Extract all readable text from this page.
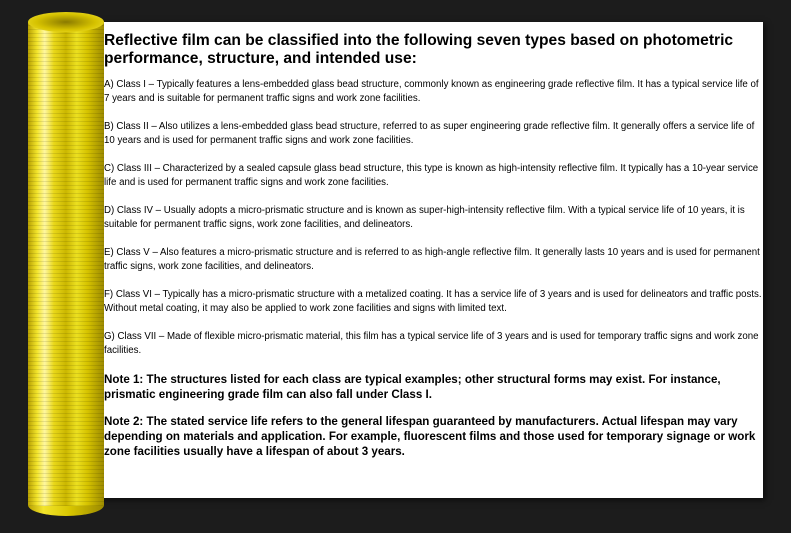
Reflective film can be classified into the following seven types based on photometric performance, structure, and intended use:
A) Class I – Typically features a lens-embedded glass bead structure, commonly known as engineering grade reflective film. It has a typical service life of 7 years and is suitable for permanent traffic signs and work zone facilities.
B) Class II – Also utilizes a lens-embedded glass bead structure, referred to as super engineering grade reflective film. It generally offers a service life of 10 years and is used for permanent traffic signs and work zone facilities.
C) Class III – Characterized by a sealed capsule glass bead structure, this type is known as high-intensity reflective film. It typically has a 10-year service life and is used for permanent traffic signs and work zone facilities.
D) Class IV – Usually adopts a micro-prismatic structure and is known as super-high-intensity reflective film. With a typical service life of 10 years, it is suitable for permanent traffic signs, work zone facilities, and delineators.
E) Class V – Also features a micro-prismatic structure and is referred to as high-angle reflective film. It generally lasts 10 years and is used for permanent traffic signs, work zone facilities, and delineators.
F) Class VI – Typically has a micro-prismatic structure with a metalized coating. It has a service life of 3 years and is used for delineators and traffic posts. Without metal coating, it may also be applied to work zone facilities and signs with limited text.
G) Class VII – Made of flexible micro-prismatic material, this film has a typical service life of 3 years and is used for temporary traffic signs and work zone facilities.
Note 1: The structures listed for each class are typical examples; other structural forms may exist. For instance, prismatic engineering grade film can also fall under Class I.
Note 2: The stated service life refers to the general lifespan guaranteed by manufacturers. Actual lifespan may vary depending on materials and application. For example, fluorescent films and those used for temporary signage or work zone facilities usually have a lifespan of about 3 years.
